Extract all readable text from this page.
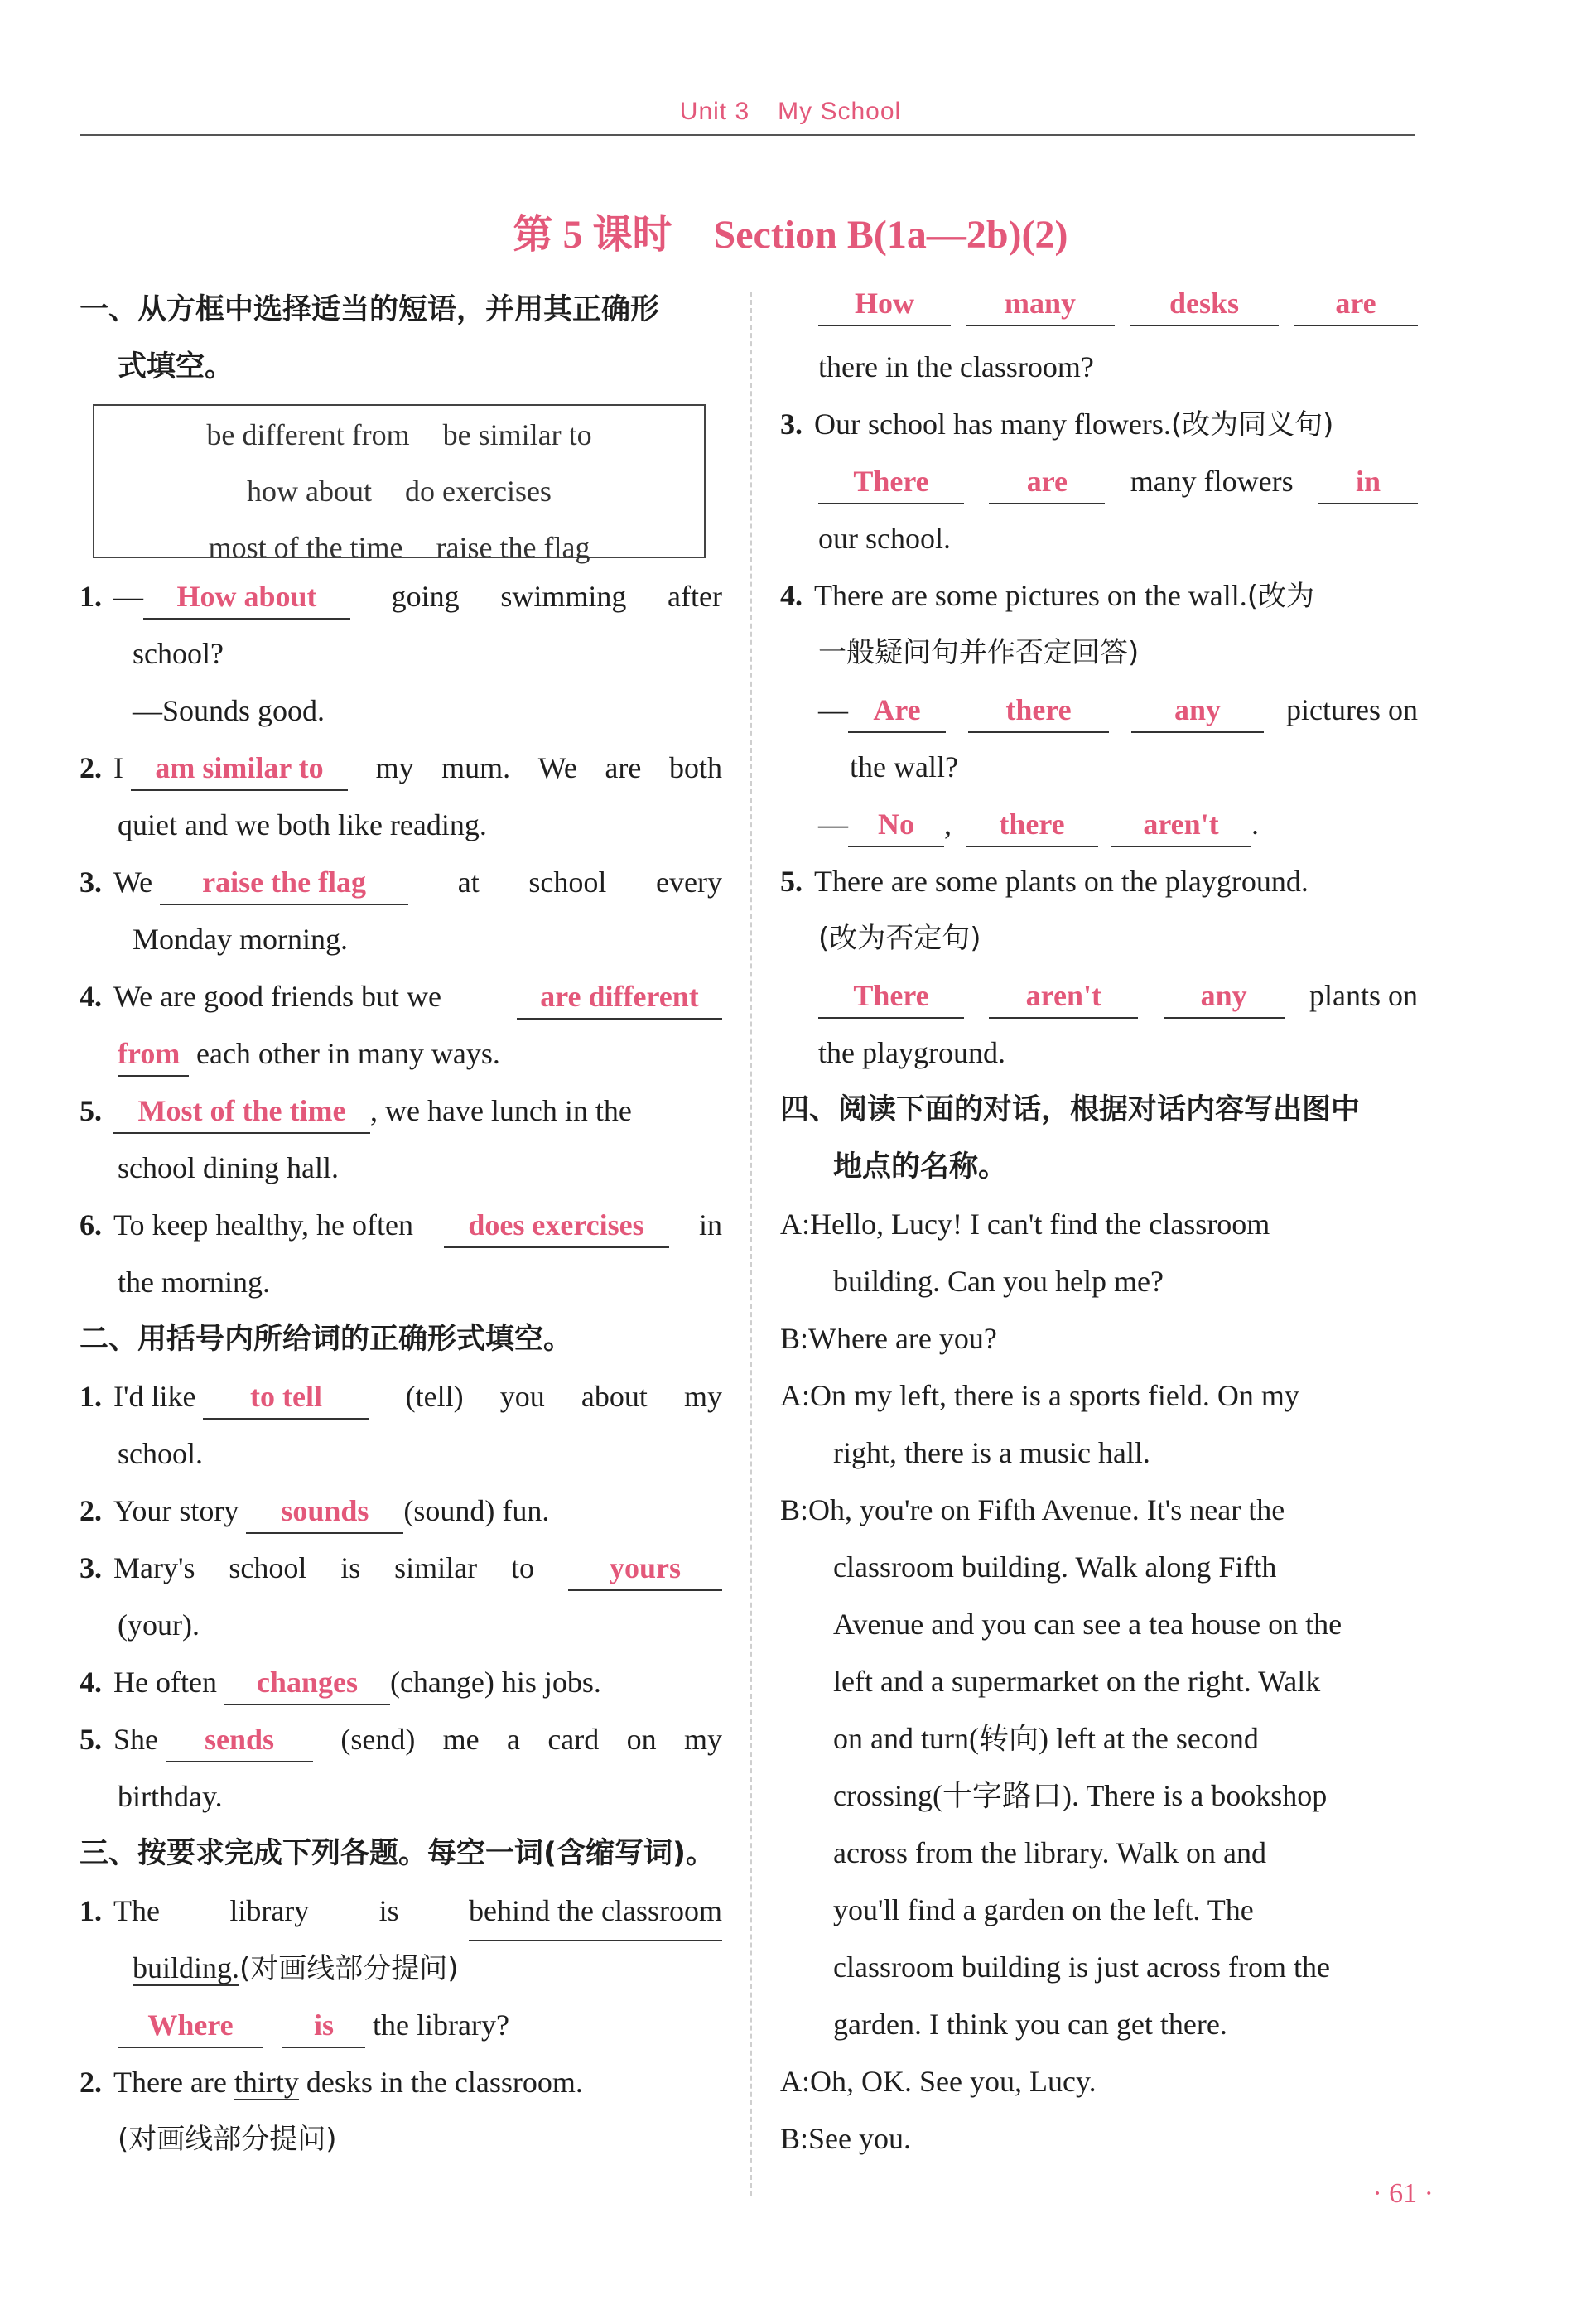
Unit 3 My School
第 5 课时 Section B(1a—2b)(2)
一、从方框中选择适当的短语，并用其正确形
式填空。
be different from be similar to
how about do exercises
most of the time raise the flag
1. — How about	going swimming after
school?
—Sounds good.
2. I am similar to	my mum. We are both
quiet and we both like reading.
3. We raise the flag	at school every
Monday morning.
4. We are good friends but we	are different
from each other in many ways.
5. Most of the time , we have lunch in the
school dining hall.
6. To keep healthy, he often	does exercises	in
the morning.
二、用括号内所给词的正确形式填空。
1. I'd like to tell	(tell) you about my
school.
2. Your story sounds (sound) fun.
3. Mary's school is similar to	yours
(your).
4. He often changes (change) his jobs.
5. She sends	(send) me a card on my
birthday.
三、按要求完成下列各题。每空一词(含缩写词)。
1. The library is behind the classroom
building.(对画线部分提问)
Where	is the library?
2. There are thirty desks in the classroom.
(对画线部分提问)
How	many	desks	are
there in the classroom?
3. Our school has many flowers.(改为同义句)
There	are	many flowers	in
our school.
4. There are some pictures on the wall.(改为
一般疑问句并作否定回答)
— Are	there	any	pictures on
the wall?
— No , there	aren't .
5. There are some plants on the playground.
(改为否定句)
There	aren't	any	plants on
the playground.
四、阅读下面的对话，根据对话内容写出图中
地点的名称。
A:Hello, Lucy! I can't find the classroom
building. Can you help me?
B:Where are you?
A:On my left, there is a sports field. On my
right, there is a music hall.
B:Oh, you're on Fifth Avenue. It's near the
classroom building. Walk along Fifth
Avenue and you can see a tea house on the
left and a supermarket on the right. Walk
on and turn(转向) left at the second
crossing(十字路口). There is a bookshop
across from the library. Walk on and
you'll find a garden on the left. The
classroom building is just across from the
garden. I think you can get there.
A:Oh, OK. See you, Lucy.
B:See you.
· 61 ·
